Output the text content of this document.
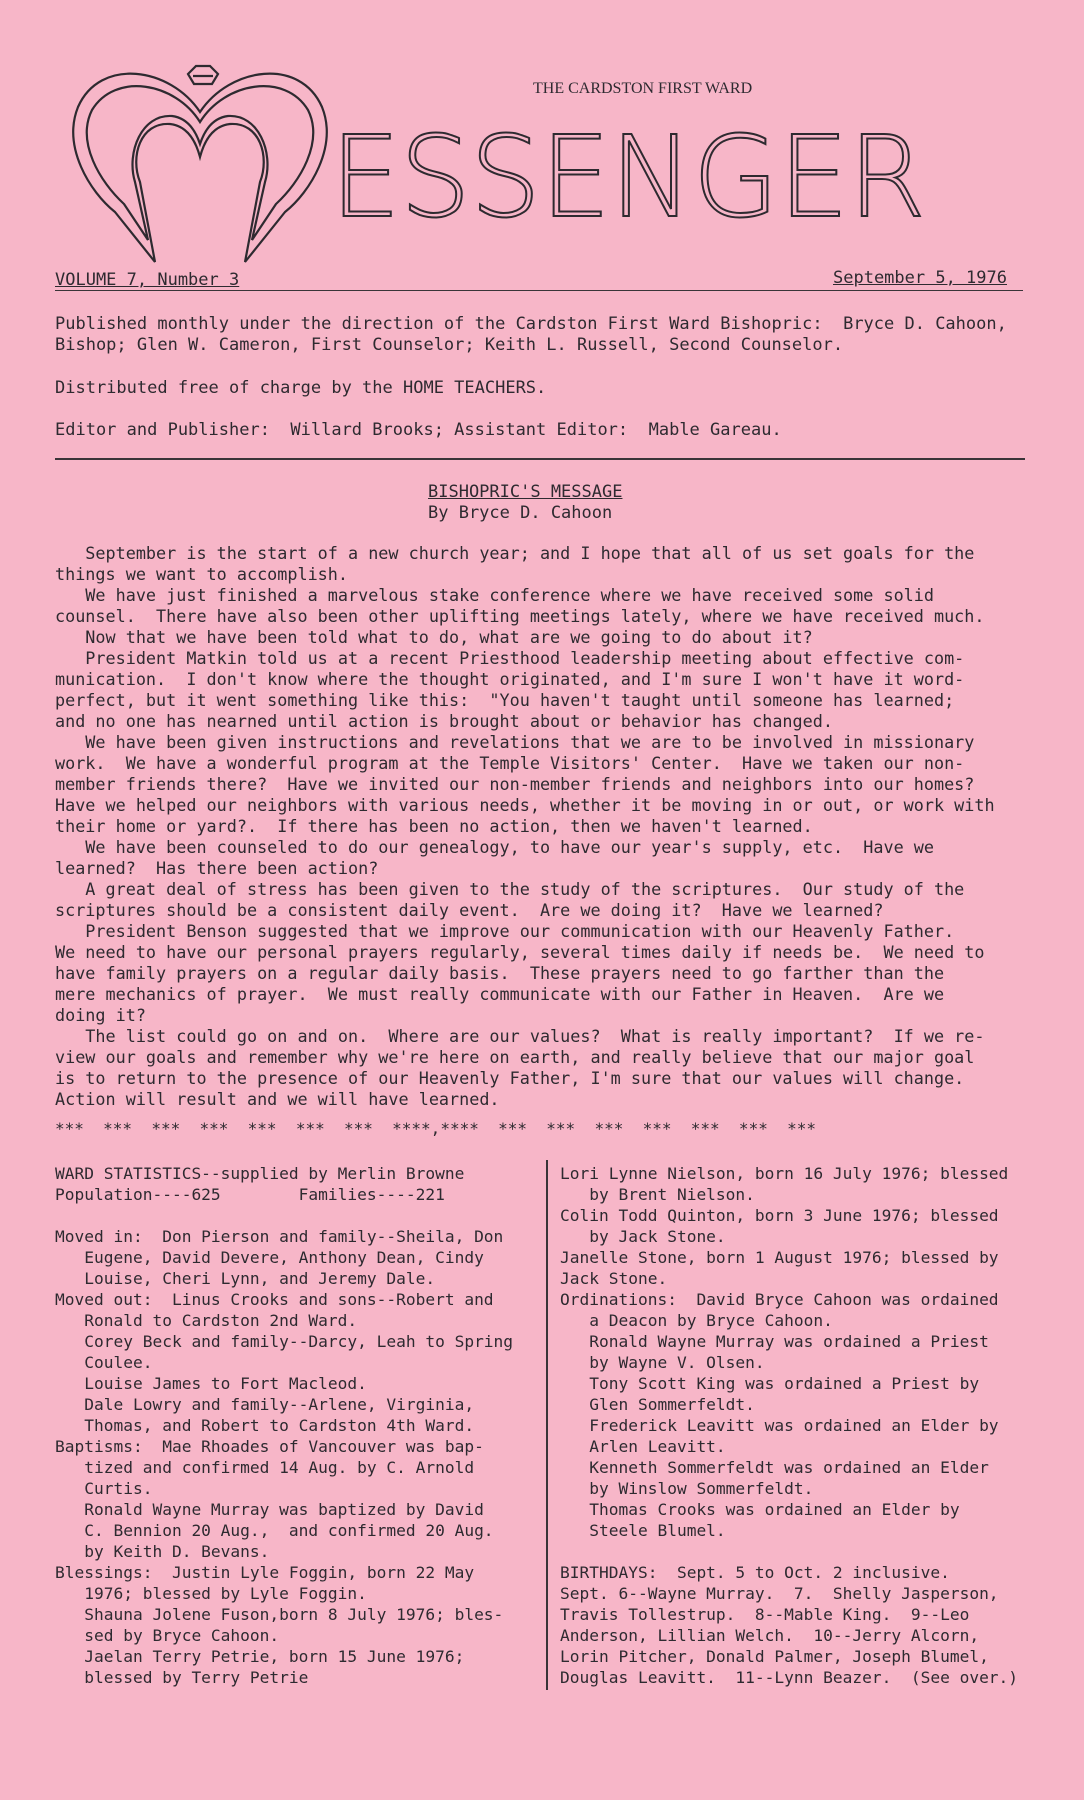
THE CARDSTON FIRST WARD
ESSENGER
VOLUME 7, Number 3	September 5, 1976
Published monthly under the direction of the Cardston First Ward Bishopric:  Bryce D. Cahoon,
Bishop; Glen W. Cameron, First Counselor; Keith L. Russell, Second Counselor.
Distributed free of charge by the HOME TEACHERS.
Editor and Publisher:  Willard Brooks; Assistant Editor:  Mable Gareau.
BISHOPRIC'S MESSAGE
By Bryce D. Cahoon
September is the start of a new church year; and I hope that all of us set goals for the
things we want to accomplish.
We have just finished a marvelous stake conference where we have received some solid
counsel.  There have also been other uplifting meetings lately, where we have received much.
Now that we have been told what to do, what are we going to do about it?
President Matkin told us at a recent Priesthood leadership meeting about effective com-
munication.  I don't know where the thought originated, and I'm sure I won't have it word-
perfect, but it went something like this:  "You haven't taught until someone has learned;
and no one has nearned until action is brought about or behavior has changed.
We have been given instructions and revelations that we are to be involved in missionary
work.  We have a wonderful program at the Temple Visitors' Center.  Have we taken our non-
member friends there?  Have we invited our non-member friends and neighbors into our homes?
Have we helped our neighbors with various needs, whether it be moving in or out, or work with
their home or yard?.  If there has been no action, then we haven't learned.
We have been counseled to do our genealogy, to have our year's supply, etc.  Have we
learned?  Has there been action?
A great deal of stress has been given to the study of the scriptures.  Our study of the
scriptures should be a consistent daily event.  Are we doing it?  Have we learned?
President Benson suggested that we improve our communication with our Heavenly Father.
We need to have our personal prayers regularly, several times daily if needs be.  We need to
have family prayers on a regular daily basis.  These prayers need to go farther than the
mere mechanics of prayer.  We must really communicate with our Father in Heaven.  Are we
doing it?
The list could go on and on.  Where are our values?  What is really important?  If we re-
view our goals and remember why we're here on earth, and really believe that our major goal
is to return to the presence of our Heavenly Father, I'm sure that our values will change.
Action will result and we will have learned.
***  ***  ***  ***  ***  ***  ***  ****,****  ***  ***  ***  ***  ***  ***  ***
WARD STATISTICS--supplied by Merlin Browne
Population----625        Families----221
Moved in:  Don Pierson and family--Sheila, Don
Eugene, David Devere, Anthony Dean, Cindy
Louise, Cheri Lynn, and Jeremy Dale.
Moved out:  Linus Crooks and sons--Robert and
Ronald to Cardston 2nd Ward.
Corey Beck and family--Darcy, Leah to Spring
Coulee.
Louise James to Fort Macleod.
Dale Lowry and family--Arlene, Virginia,
Thomas, and Robert to Cardston 4th Ward.
Baptisms:  Mae Rhoades of Vancouver was bap-
tized and confirmed 14 Aug. by C. Arnold
Curtis.
Ronald Wayne Murray was baptized by David
C. Bennion 20 Aug.,  and confirmed 20 Aug.
by Keith D. Bevans.
Blessings:  Justin Lyle Foggin, born 22 May
1976; blessed by Lyle Foggin.
Shauna Jolene Fuson,born 8 July 1976; bles-
sed by Bryce Cahoon.
Jaelan Terry Petrie, born 15 June 1976;
blessed by Terry Petrie
Lori Lynne Nielson, born 16 July 1976; blessed
by Brent Nielson.
Colin Todd Quinton, born 3 June 1976; blessed
by Jack Stone.
Janelle Stone, born 1 August 1976; blessed by
Jack Stone.
Ordinations:  David Bryce Cahoon was ordained
a Deacon by Bryce Cahoon.
Ronald Wayne Murray was ordained a Priest
by Wayne V. Olsen.
Tony Scott King was ordained a Priest by
Glen Sommerfeldt.
Frederick Leavitt was ordained an Elder by
Arlen Leavitt.
Kenneth Sommerfeldt was ordained an Elder
by Winslow Sommerfeldt.
Thomas Crooks was ordained an Elder by
Steele Blumel.
BIRTHDAYS:  Sept. 5 to Oct. 2 inclusive.
Sept. 6--Wayne Murray.  7.  Shelly Jasperson,
Travis Tollestrup.  8--Mable King.  9--Leo
Anderson, Lillian Welch.  10--Jerry Alcorn,
Lorin Pitcher, Donald Palmer, Joseph Blumel,
Douglas Leavitt.  11--Lynn Beazer.  (See over.)
